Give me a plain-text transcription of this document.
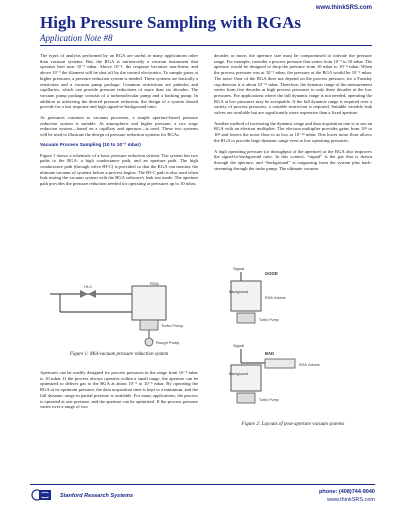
www.thinkSRS.com
High Pressure Sampling with RGAs
Application Note #8

The types of analysis performed by an RGA are useful in many applications other than vacuum systems. But, the RGA is intrinsically a vacuum instrument that operates best near 10⁻⁶ mbar. Above 10⁻⁴, the response becomes non-linear, and above 10⁻³ the filament will be shut off by the control electronics. To sample gases at higher pressures, a pressure reduction system is needed. These systems are basically a restriction and a vacuum pump package. Common restrictions are pinholes and capillaries, which can provide pressure reductions of more than six decades. The vacuum pump package consists of a turbomolecular pump and a backing pump. In addition to achieving the desired pressure reduction, the design of a system should provide for a fast response and high signal-to-background ratio.

At pressures common to vacuum processes, a simple aperture-based pressure reduction system is suitable. At atmospheric and higher pressure, a two stage reduction system—based on a capillary and aperture—is used. These two systems will be used to illustrate the design of pressure reduction systems for RGAs.

Vacuum Process Sampling (10 to 10⁻² mbar)

Figure 1 shows a schematic of a basic pressure reduction system. The system has two paths to the RGA: a high conductance path, and an aperture path. The high conductance path (through valve HI-C) is provided so that the RGA can monitor the ultimate vacuum of systems before a process begins. The HI-C path is also used when leak testing the vacuum system with the RGA software's leak test mode. The aperture path provides the pressure reduction needed for operating at pressures up to 10 mbar.

HI-C
RGA
Turbo Pump
Rough Pump
Figure 1: Mid-vacuum pressure reduction system

Apertures can be readily designed for process pressures in the range from 10⁻² mbar to 10 mbar. If the process always operates within a small range, the aperture can be optimized to deliver gas to the RGA at about 10⁻⁵ to 10⁻⁶ mbar. By operating the RGA at its optimum pressure, the data acquisition time is kept to a minimum, and the full dynamic range in partial pressure is available. For many applications, the process is operated at one pressure, and the aperture can be optimized. If the process pressure varies over a range of two

decades or more, the aperture size must be compromised to tolerate the pressure range. For example, consider a process pressure that varies from 10⁻¹ to 10 mbar. The aperture would be designed to drop the pressure from 10 mbar to 10⁻⁴ mbar. When the process pressure was at 10⁻¹ mbar, the pressure at the RGA would be 10⁻⁶ mbar. The noise floor of the RGA does not depend on the process pressure; for a Faraday cup detector it is about 10⁻¹¹ mbar. Therefore, the dynamic range of the measurement varies from five decades at high process pressures to only three decades at the low pressures. For applications where the full dynamic range is not needed, operating the RGA at low pressures may be acceptable. If the full dynamic range is required over a variety of process pressures, a variable restriction is required. Suitable variable leak valves are available but are significantly more expensive than a fixed aperture.

Another method of increasing the dynamic range and data acquisition rate is to use an RGA with an electron multiplier. The electron multiplier provides gains from 10² to 10⁶ and lowers the noise floor to as low as 10⁻¹⁴ mbar. This lower noise floor allows the RGA to provide large dynamic range even at low operating pressures.

A high operating pressure (or throughput of the aperture) at the RGA also improves the signal-to-background ratio. In this context, “signal” is the gas that is drawn through the aperture, and “background” is outgassing from the system plus back-streaming through the turbo pump. The ultimate vacuum

Signal
GOOD
Background
RGA Volume
Turbo Pump
Signal
BAD
Background
RGA Volume
Turbo Pump
Figure 2: Layouts of post-aperture vacuum systems
Stanford Research Systems
phone: (408)744-9040
www.thinkSRS.com
